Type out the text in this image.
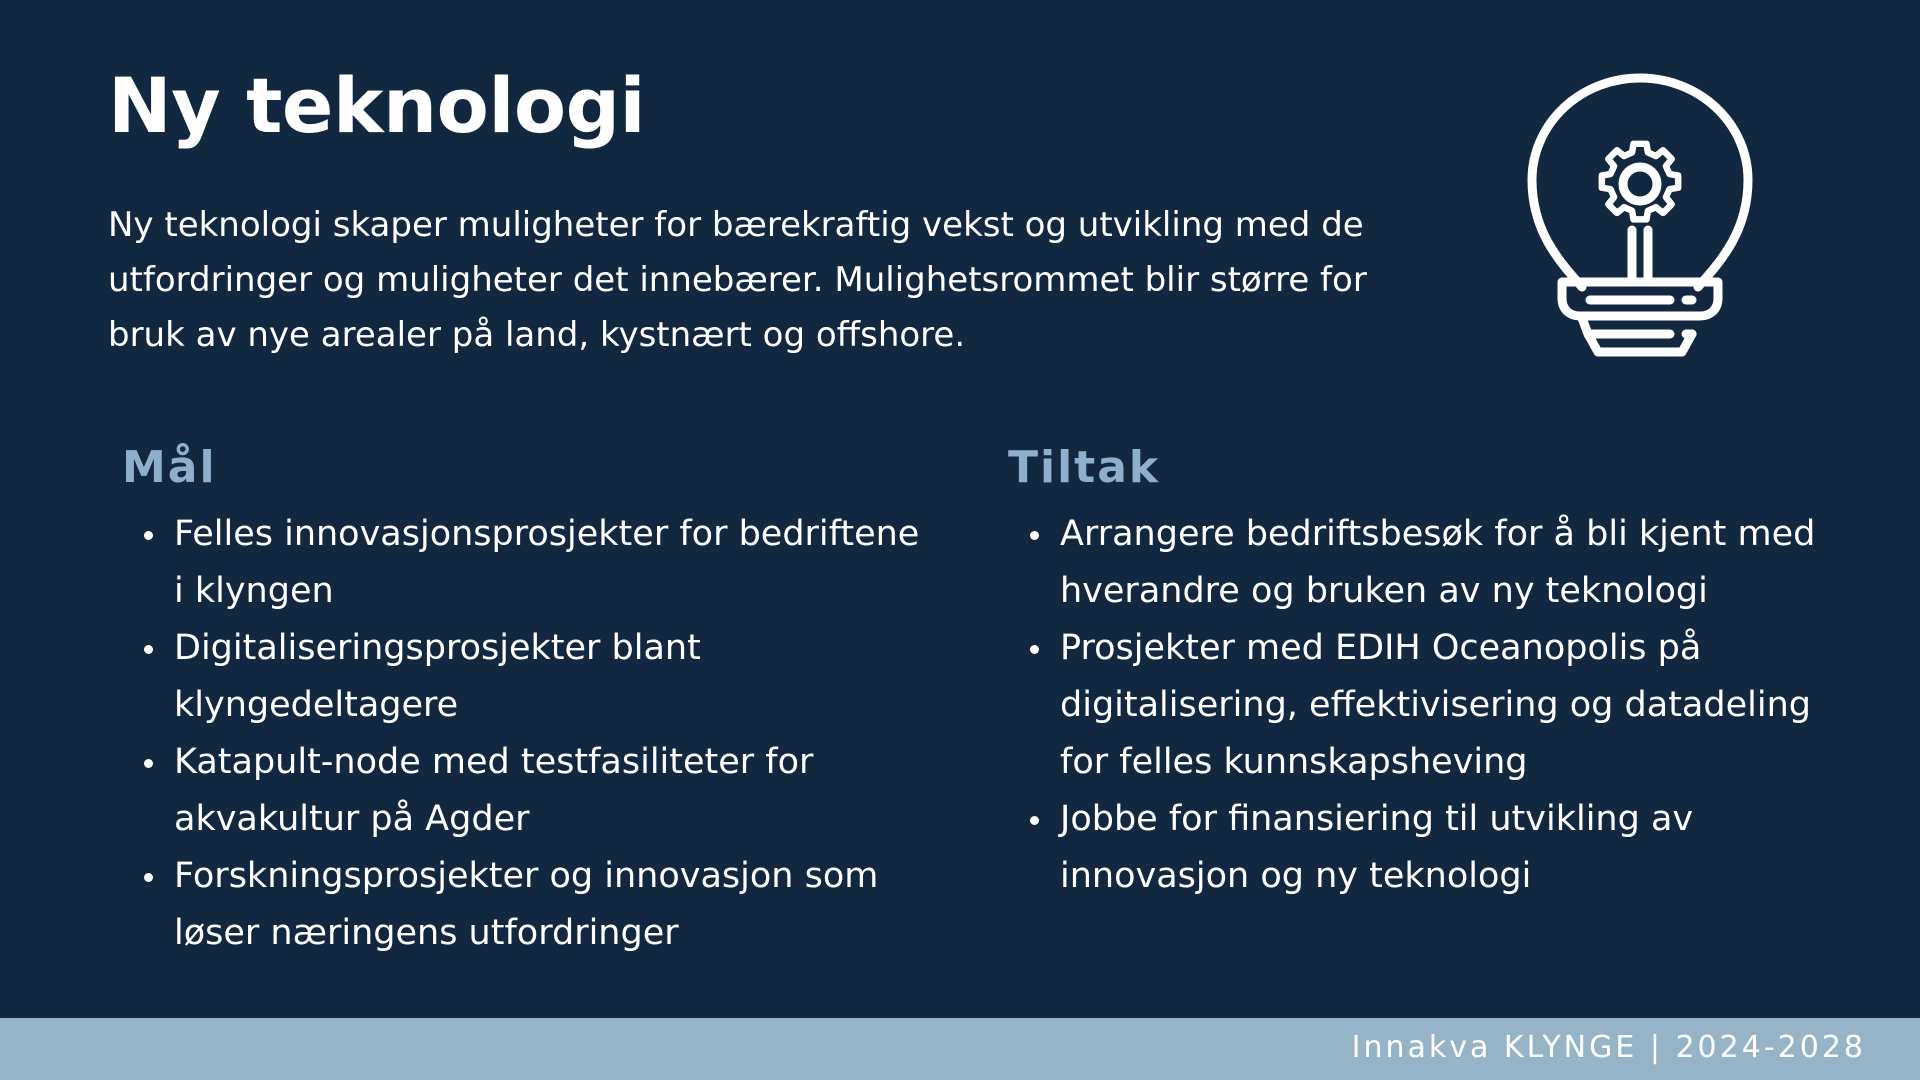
Ny teknologi

Ny teknologi skaper muligheter for bærekraftig vekst og utvikling med de utfordringer og muligheter det innebærer. Mulighetsrommet blir større for bruk av nye arealer på land, kystnært og offshore.

Mål
Felles innovasjonsprosjekter for bedriftene i klyngen
Digitaliseringsprosjekter blant klyngedeltagere
Katapult-node med testfasiliteter for akvakultur på Agder
Forskningsprosjekter og innovasjon som løser næringens utfordringer
Tiltak
Arrangere bedriftsbesøk for å bli kjent med hverandre og bruken av ny teknologi
Prosjekter med EDIH Oceanopolis på digitalisering, effektivisering og datadeling for felles kunnskapsheving
Jobbe for finansiering til utvikling av innovasjon og ny teknologi
Innakva KLYNGE | 2024-2028
